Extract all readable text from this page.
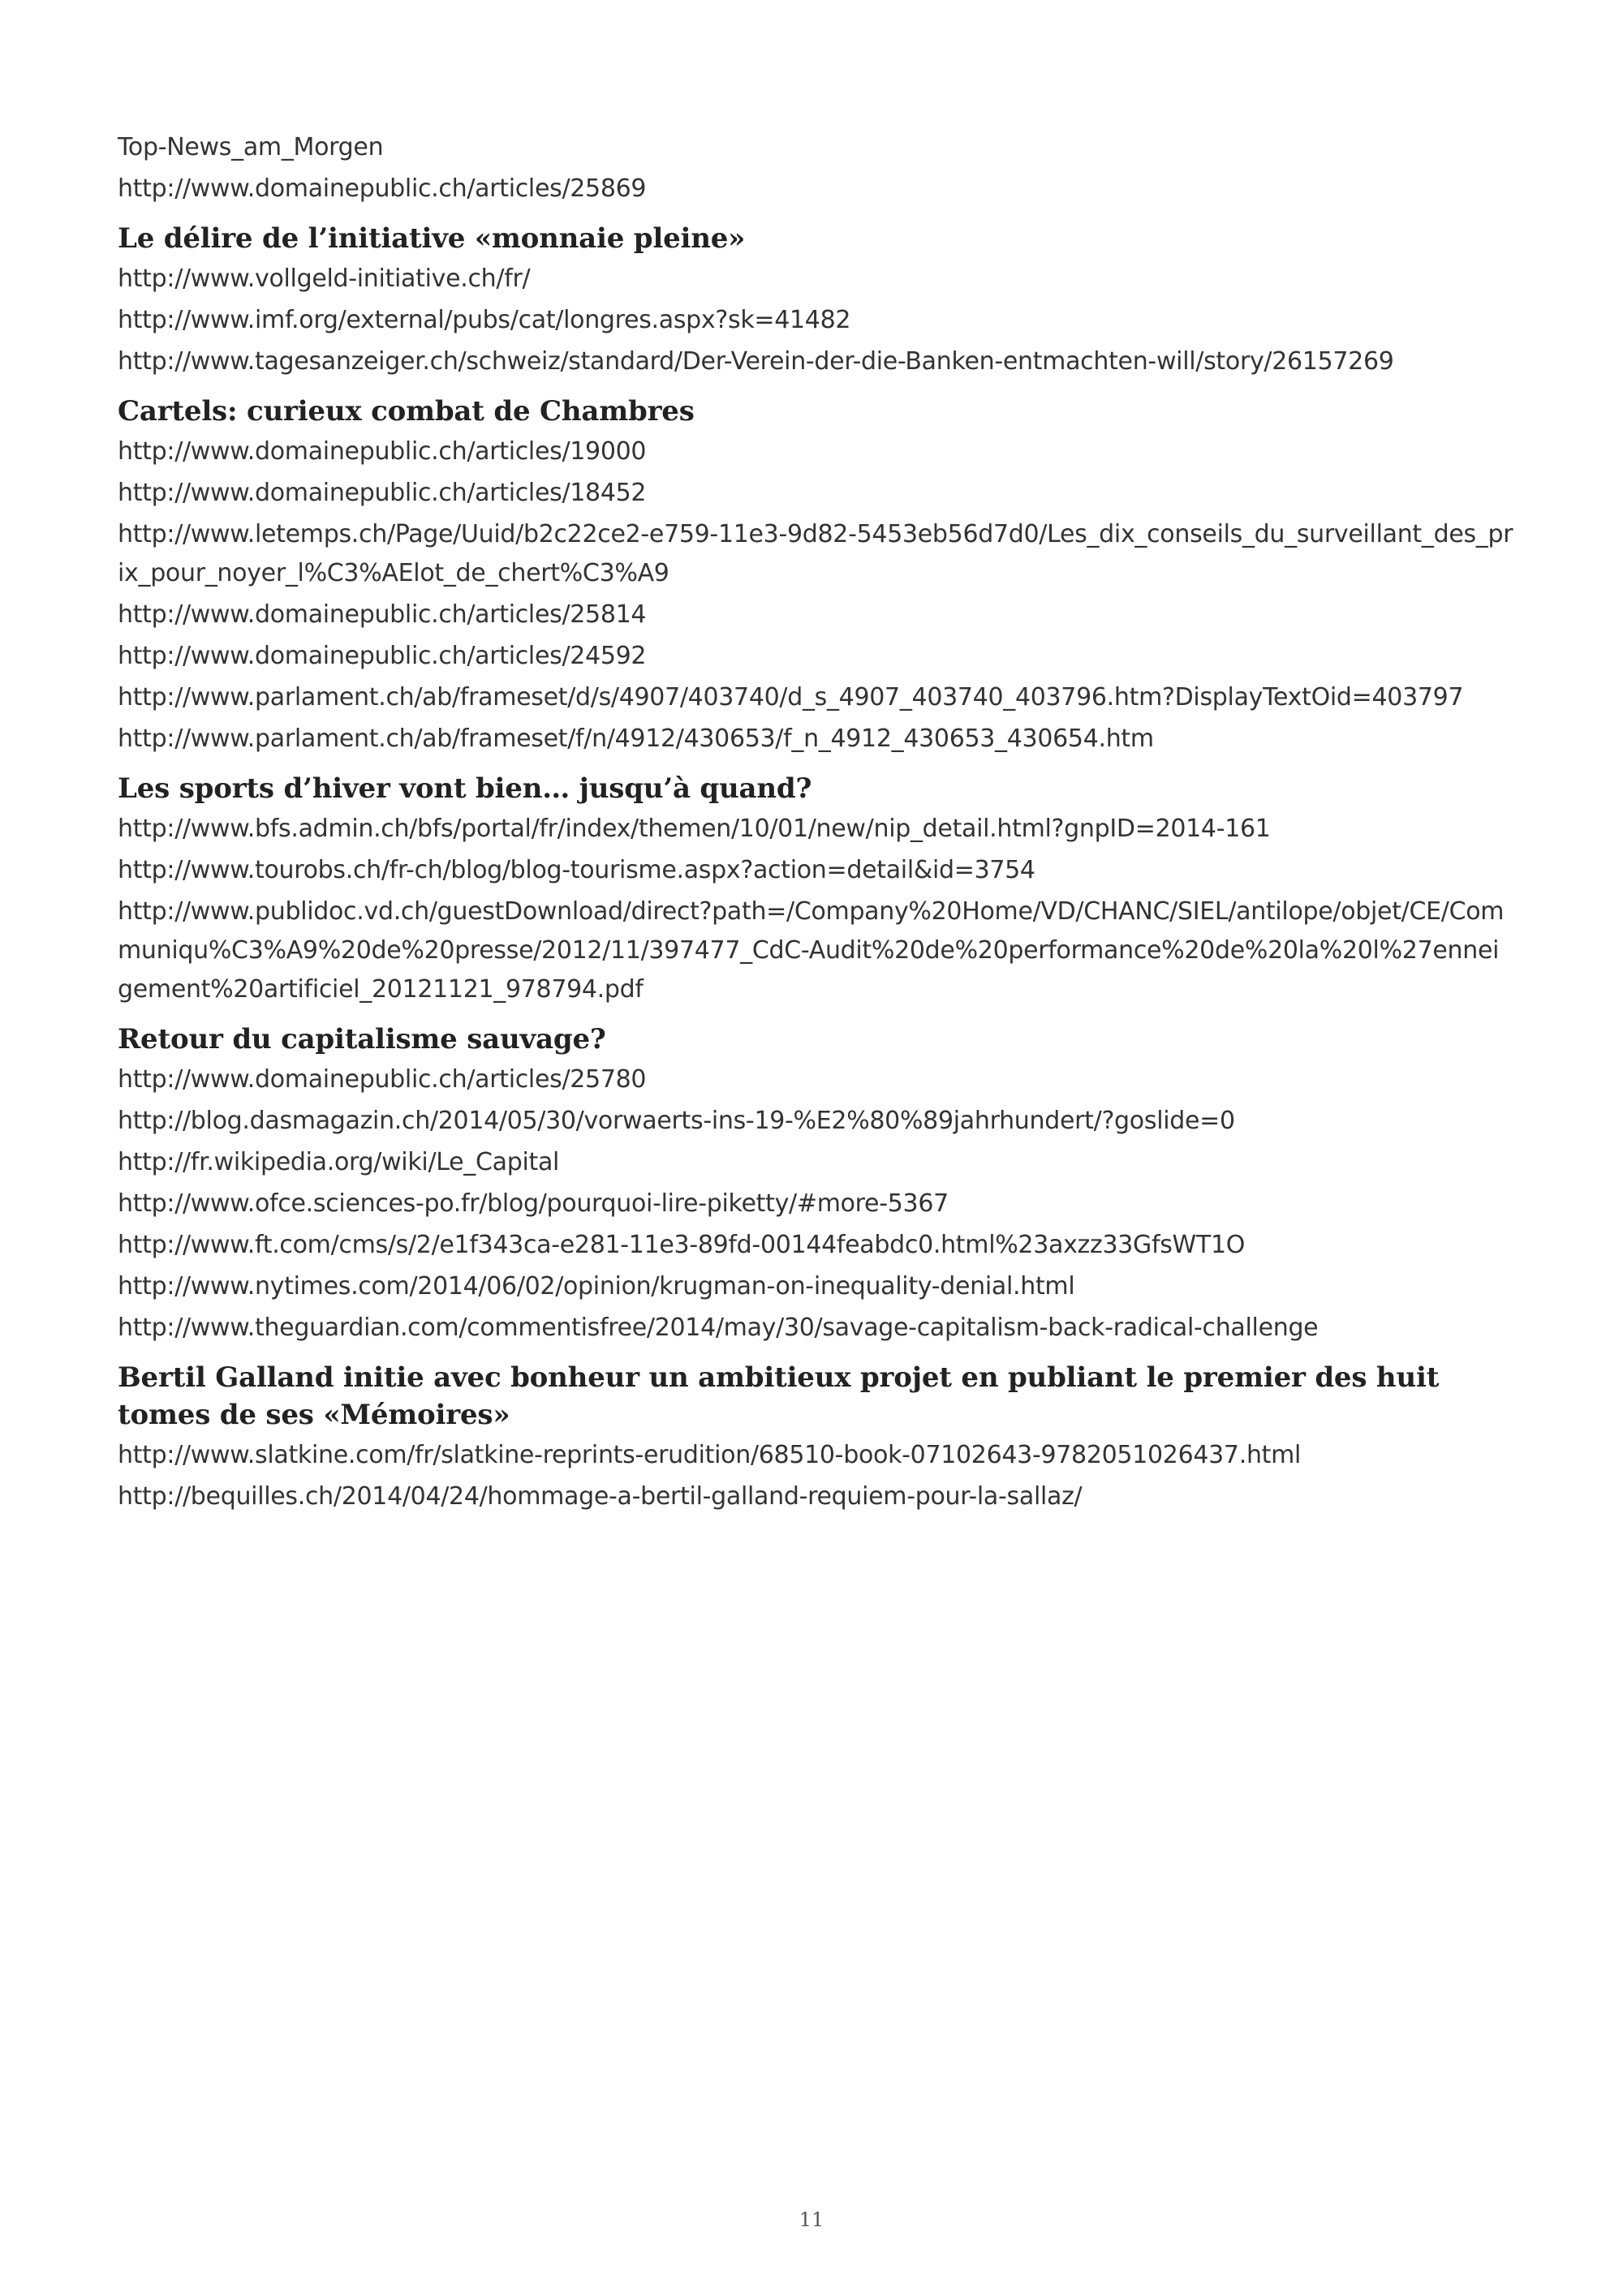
Top-News_am_Morgen
http://www.domainepublic.ch/articles/25869
Le délire de l’initiative «monnaie pleine»
http://www.vollgeld-initiative.ch/fr/
http://www.imf.org/external/pubs/cat/longres.aspx?sk=41482
http://www.tagesanzeiger.ch/schweiz/standard/Der-Verein-der-die-Banken-entmachten-will/story/26157269
Cartels: curieux combat de Chambres
http://www.domainepublic.ch/articles/19000
http://www.domainepublic.ch/articles/18452
http://www.letemps.ch/Page/Uuid/b2c22ce2-e759-11e3-9d82-5453eb56d7d0/Les_dix_conseils_du_surveillant_des_prix_pour_noyer_l%C3%AElot_de_chert%C3%A9
http://www.domainepublic.ch/articles/25814
http://www.domainepublic.ch/articles/24592
http://www.parlament.ch/ab/frameset/d/s/4907/403740/d_s_4907_403740_403796.htm?DisplayTextOid=403797
http://www.parlament.ch/ab/frameset/f/n/4912/430653/f_n_4912_430653_430654.htm
Les sports d’hiver vont bien… jusqu’à quand?
http://www.bfs.admin.ch/bfs/portal/fr/index/themen/10/01/new/nip_detail.html?gnpID=2014-161
http://www.tourobs.ch/fr-ch/blog/blog-tourisme.aspx?action=detail&id=3754
http://www.publidoc.vd.ch/guestDownload/direct?path=/Company%20Home/VD/CHANC/SIEL/antilope/objet/CE/Communiqu%C3%A9%20de%20presse/2012/11/397477_CdC-Audit%20de%20performance%20de%20la%20l%27enneigement%20artificiel_20121121_978794.pdf
Retour du capitalisme sauvage?
http://www.domainepublic.ch/articles/25780
http://blog.dasmagazin.ch/2014/05/30/vorwaerts-ins-19-%E2%80%89jahrhundert/?goslide=0
http://fr.wikipedia.org/wiki/Le_Capital
http://www.ofce.sciences-po.fr/blog/pourquoi-lire-piketty/#more-5367
http://www.ft.com/cms/s/2/e1f343ca-e281-11e3-89fd-00144feabdc0.html%23axzz33GfsWT1O
http://www.nytimes.com/2014/06/02/opinion/krugman-on-inequality-denial.html
http://www.theguardian.com/commentisfree/2014/may/30/savage-capitalism-back-radical-challenge
Bertil Galland initie avec bonheur un ambitieux projet en publiant le premier des huit tomes de ses «Mémoires»
http://www.slatkine.com/fr/slatkine-reprints-erudition/68510-book-07102643-9782051026437.html
http://bequilles.ch/2014/04/24/hommage-a-bertil-galland-requiem-pour-la-sallaz/
11
